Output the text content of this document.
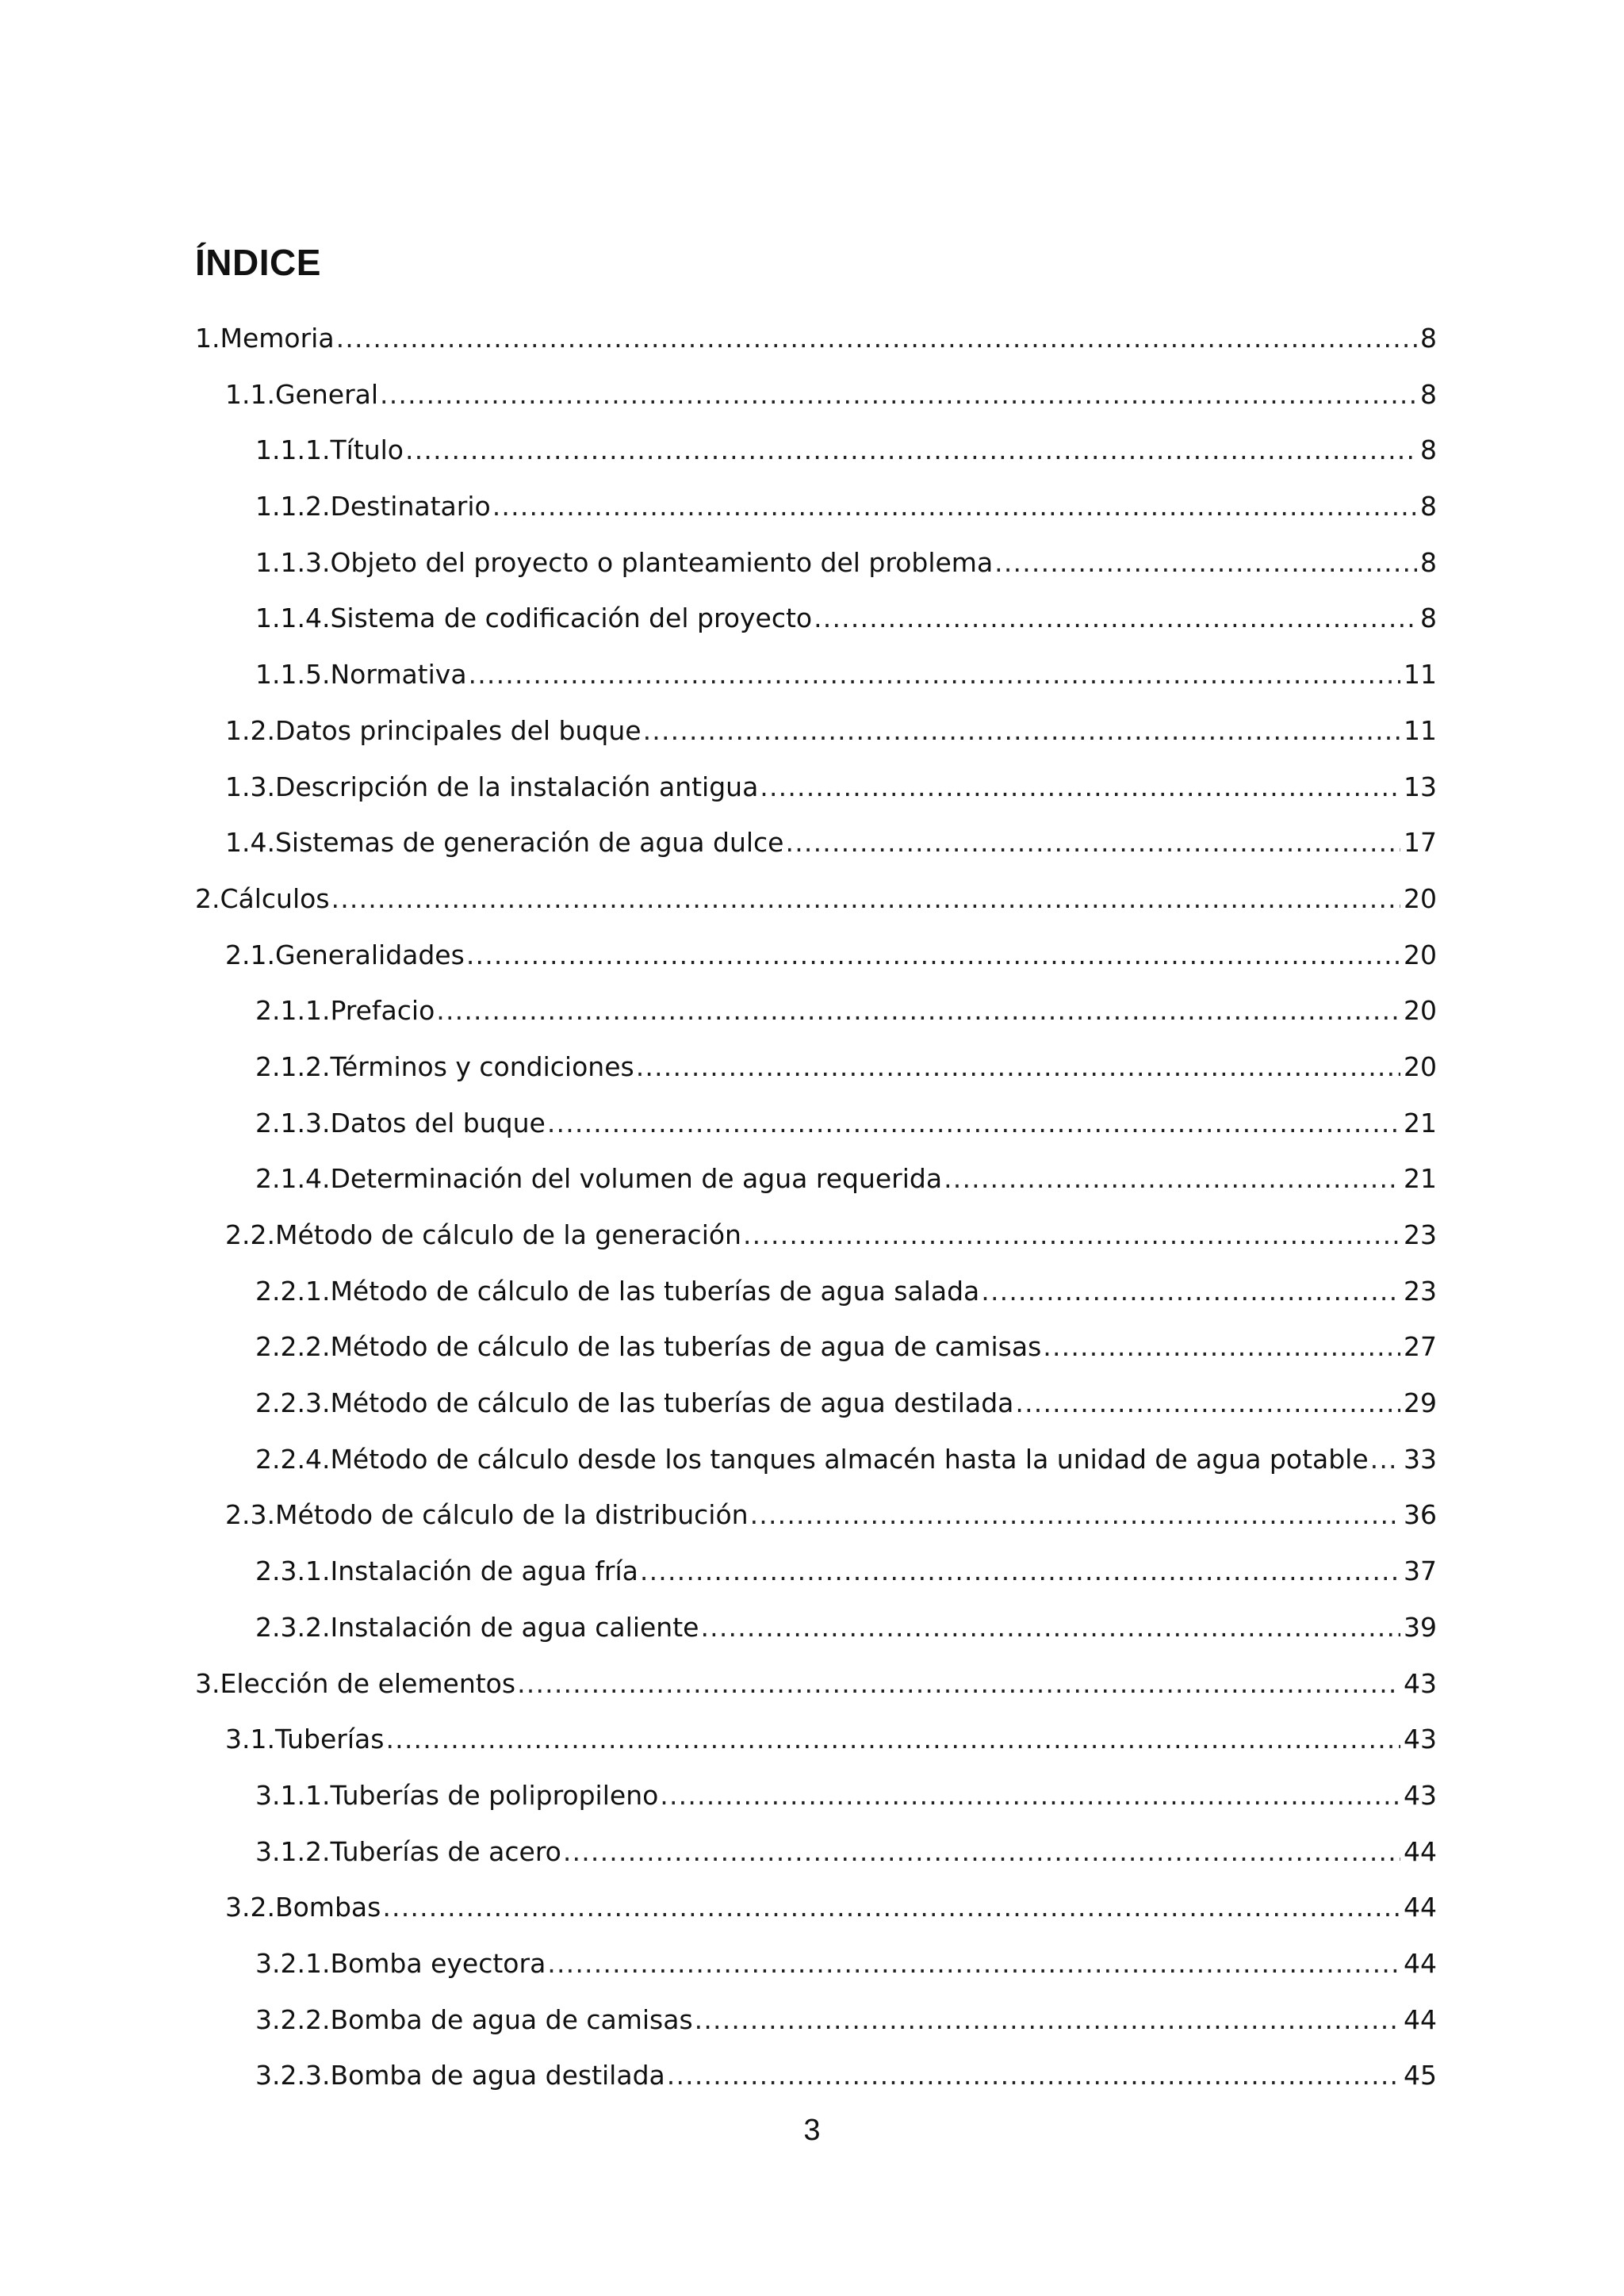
ÍNDICE
1.Memoria .....	8
1.1.General .....	8
1.1.1.Título .....	8
1.1.2.Destinatario .....	8
1.1.3.Objeto del proyecto o planteamiento del problema .....	8
1.1.4.Sistema de codificación del proyecto .....	8
1.1.5.Normativa .....	11
1.2.Datos principales del buque .....	11
1.3.Descripción de la instalación antigua .....	13
1.4.Sistemas de generación de agua dulce .....	17
2.Cálculos .....	20
2.1.Generalidades .....	20
2.1.1.Prefacio .....	20
2.1.2.Términos y condiciones .....	20
2.1.3.Datos del buque .....	21
2.1.4.Determinación del volumen de agua requerida .....	21
2.2.Método de cálculo de la generación .....	23
2.2.1.Método de cálculo de las tuberías de agua salada .....	23
2.2.2.Método de cálculo de las tuberías de agua de camisas .....	27
2.2.3.Método de cálculo de las tuberías de agua destilada .....	29
2.2.4.Método de cálculo desde los tanques almacén hasta la unidad de agua potable ..... 33
2.3.Método de cálculo de la distribución .....	36
2.3.1.Instalación de agua fría .....	37
2.3.2.Instalación de agua caliente .....	39
3.Elección de elementos .....	43
3.1.Tuberías .....	43
3.1.1.Tuberías de polipropileno .....	43
3.1.2.Tuberías de acero .....	44
3.2.Bombas .....	44
3.2.1.Bomba eyectora .....	44
3.2.2.Bomba de agua de camisas .....	44
3.2.3.Bomba de agua destilada .....	45
3
